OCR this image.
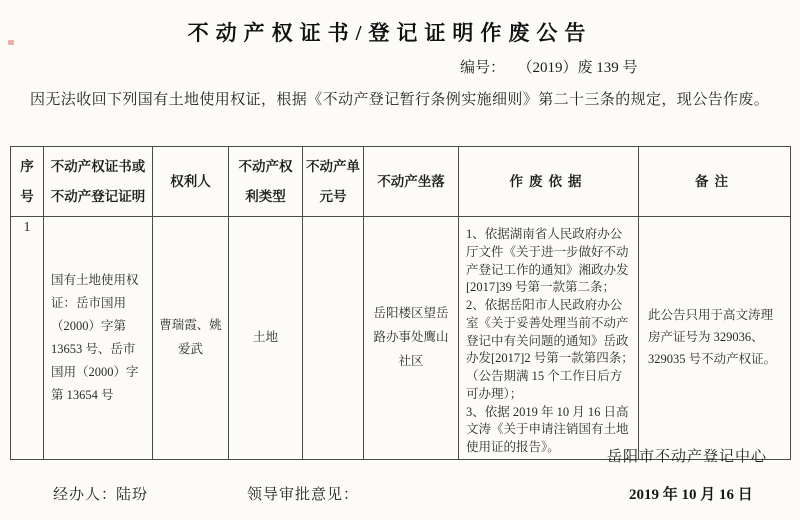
不动产权证书/登记证明作废公告
编号： （2019）废 139 号

因无法收回下列国有土地使用权证，根据《不动产登记暂行条例实施细则》第二十三条的规定，现公告作废。

序号	不动产权证书或不动产登记证明	权利人	不动产权利类型	不动产单元号	不动产坐落	作废依据	备注
1	国有土地使用权证：岳市国用（2000）字第 13653 号、岳市国用（2000）字第 13654 号	曹瑞霞、姚爱武	土地		岳阳楼区望岳路办事处鹰山社区	1、依据湖南省人民政府办公厅文件《关于进一步做好不动产登记工作的通知》湘政办发[2017]39 号第一款第二条；

2、依据岳阳市人民政府办公室《关于妥善处理当前不动产登记中有关问题的通知》岳政办发[2017]2 号第一款第四条；（公告期满 15 个工作日后方可办理）；

3、依据 2019 年 10 月 16 日高文涛《关于申请注销国有土地使用证的报告》。	此公告只用于高文涛理房产证号为 329036、329035 号不动产权证。
岳阳市不动产登记中心
经办人：
陆玢	领导审批意见：	2019 年 10 月 16 日
